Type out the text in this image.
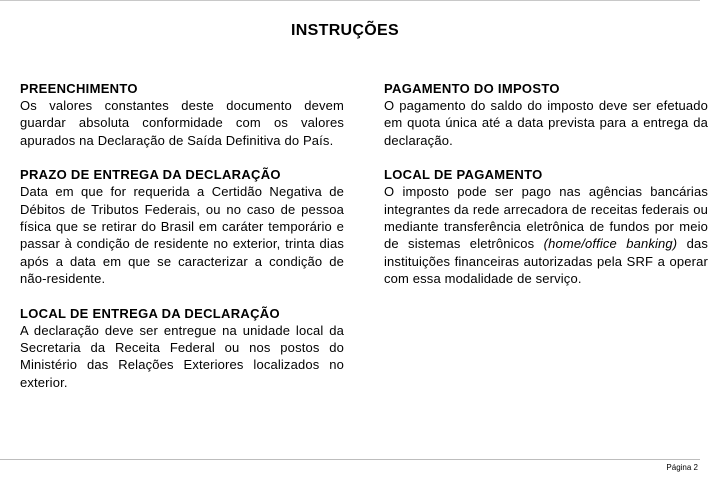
INSTRUÇÕES

PREENCHIMENTO

Os valores constantes deste documento devem guardar absoluta conformidade com os valores apurados na Declaração de Saída Definitiva do País.

PRAZO DE ENTREGA DA DECLARAÇÃO

Data em que for requerida a Certidão Negativa de Débitos de Tributos Federais, ou no caso de pessoa física que se retirar do Brasil em caráter temporário e passar à condição de residente no exterior, trinta dias após a data em que se caracterizar a condição de não-residente.

LOCAL DE ENTREGA DA DECLARAÇÃO

A declaração deve ser entregue na unidade local da Secretaria da Receita Federal ou nos postos do Ministério das Relações Exteriores localizados no exterior.

PAGAMENTO DO IMPOSTO

O pagamento do saldo do imposto deve ser efetuado em quota única até a data prevista para a entrega da declaração.

LOCAL DE PAGAMENTO

O imposto pode ser pago nas agências bancárias integrantes da rede arrecadora de receitas federais ou mediante transferência eletrônica de fundos por meio de sistemas eletrônicos (home/office banking) das instituições financeiras autorizadas pela SRF a operar com essa modalidade de serviço.

Página 2
